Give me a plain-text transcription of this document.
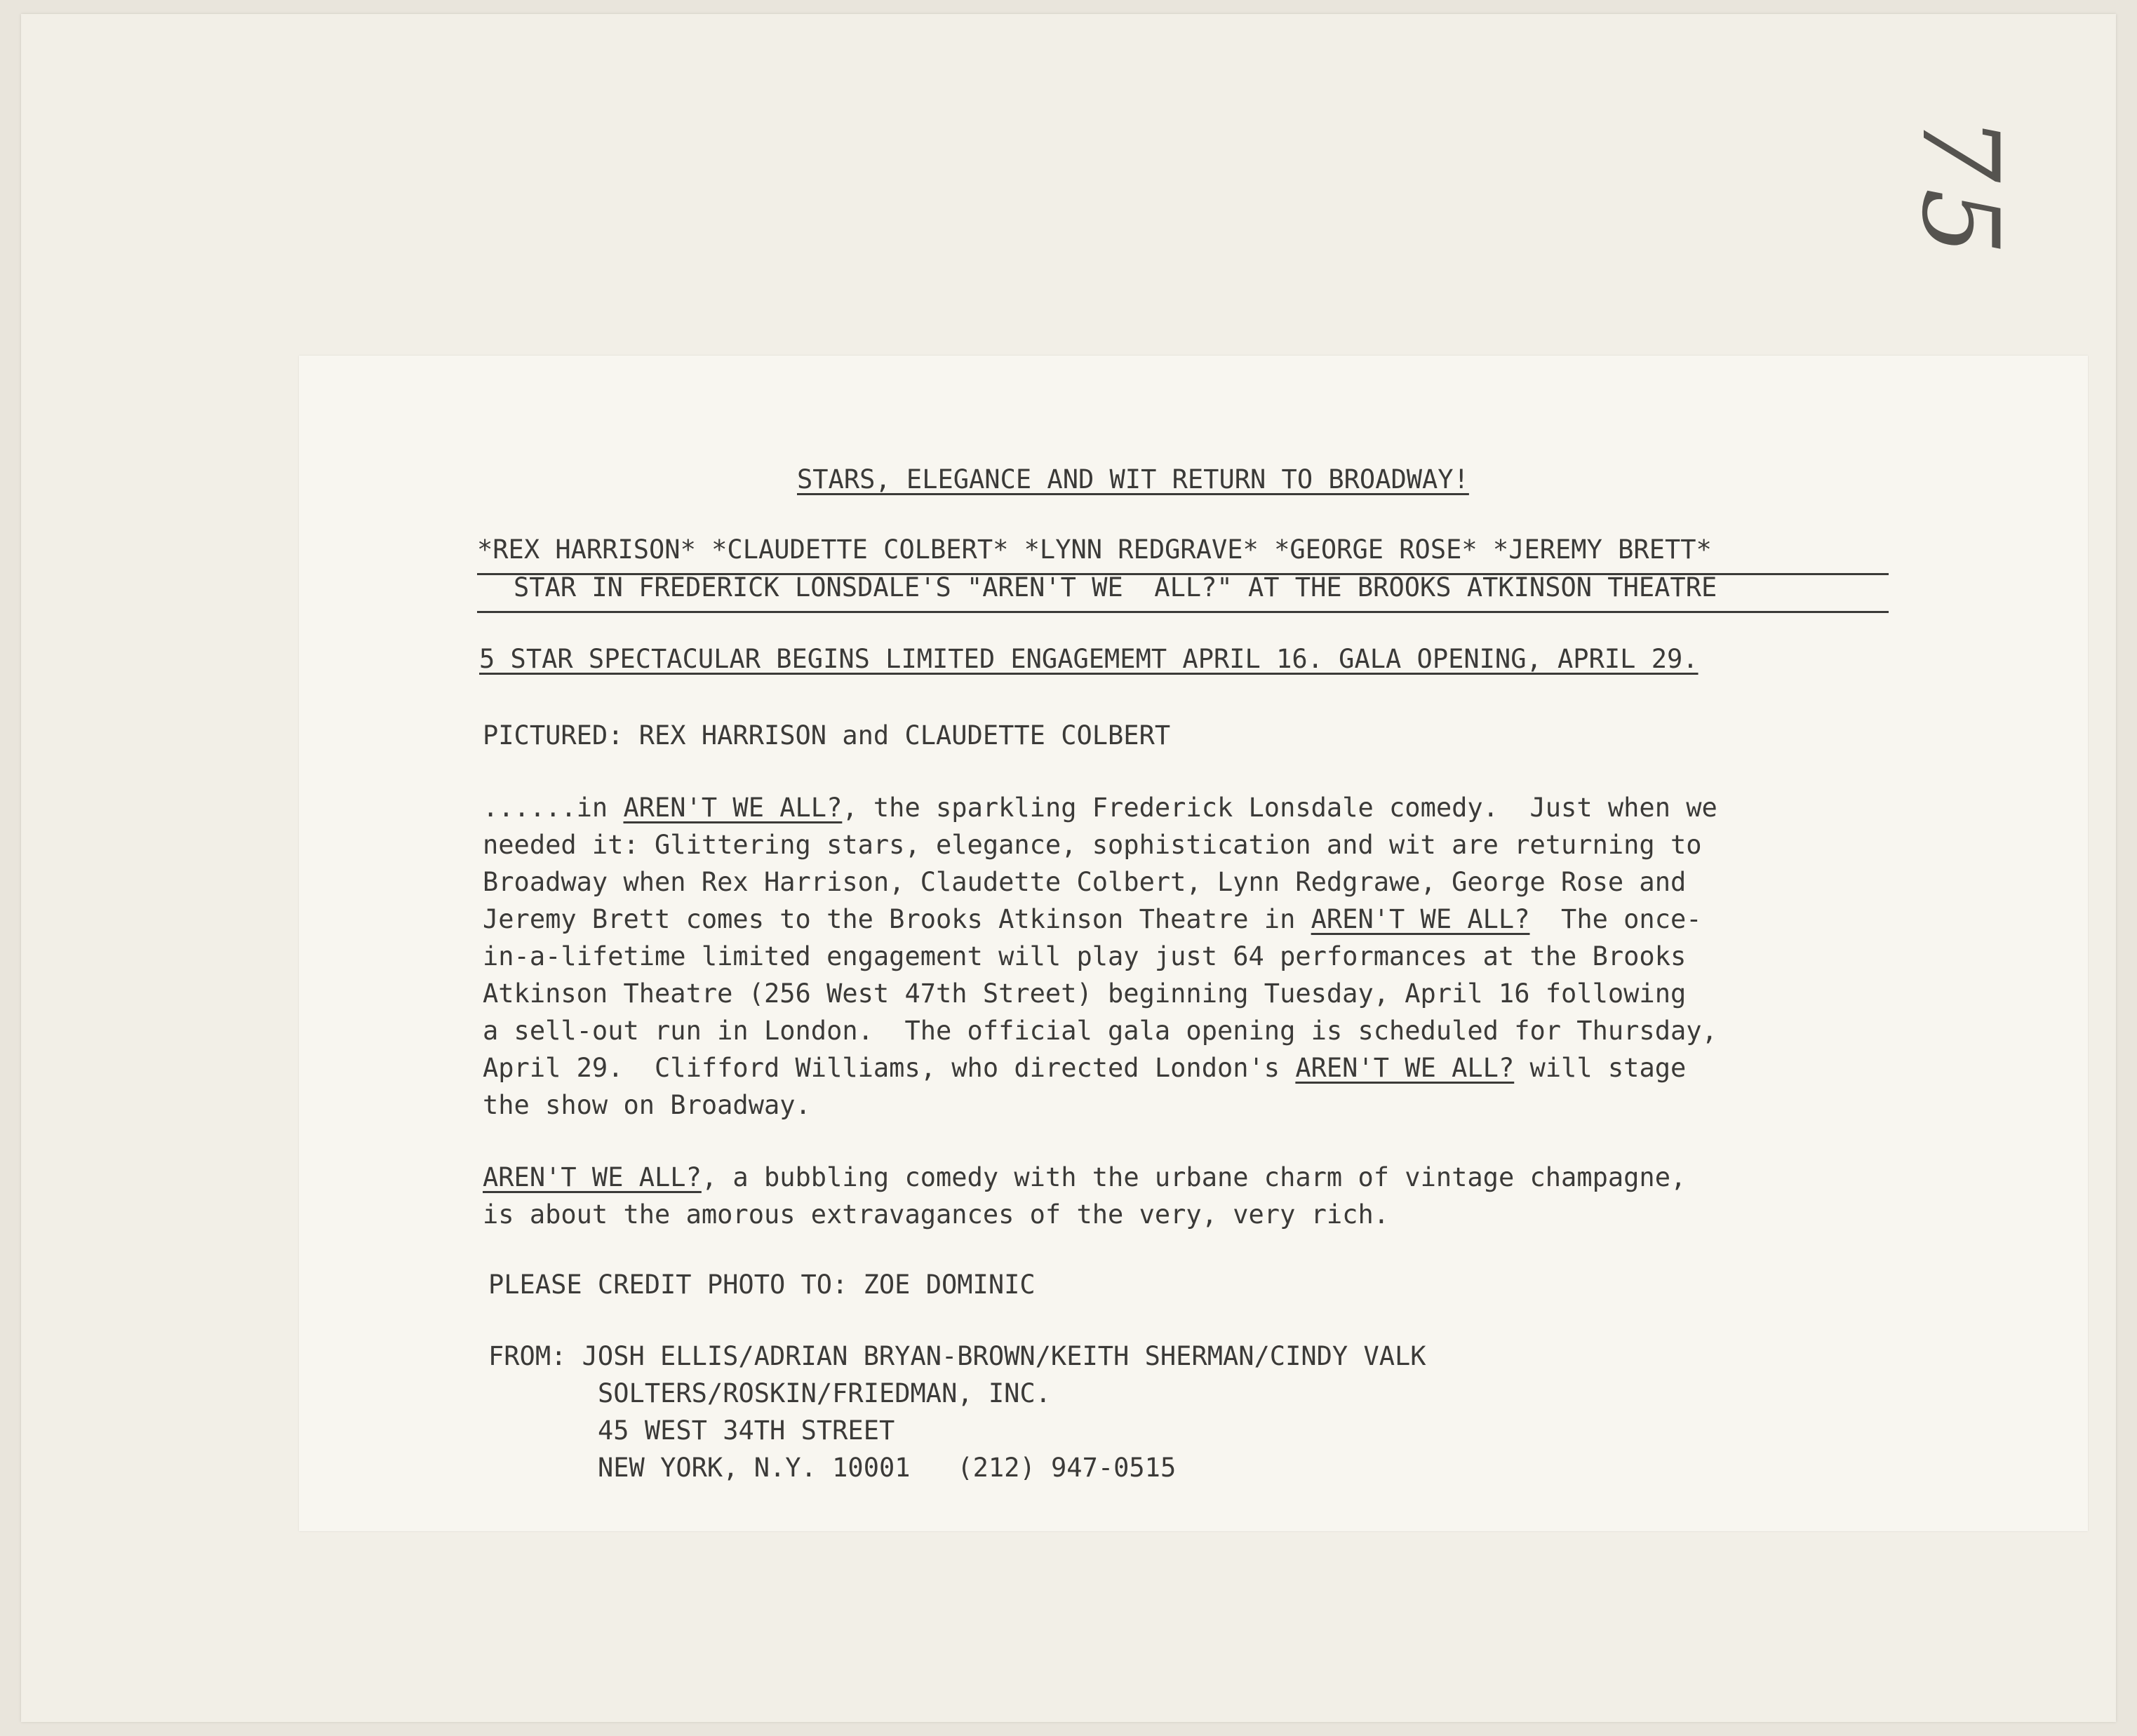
75
STARS, ELEGANCE AND WIT RETURN TO BROADWAY!
*REX HARRISON* *CLAUDETTE COLBERT* *LYNN REDGRAVE* *GEORGE ROSE* *JEREMY BRETT*
STAR IN FREDERICK LONSDALE'S "AREN'T WE  ALL?" AT THE BROOKS ATKINSON THEATRE
5 STAR SPECTACULAR BEGINS LIMITED ENGAGEMEMT APRIL 16. GALA OPENING, APRIL 29.
PICTURED: REX HARRISON and CLAUDETTE COLBERT
......in AREN'T WE ALL?, the sparkling Frederick Lonsdale comedy.  Just when we
needed it: Glittering stars, elegance, sophistication and wit are returning to
Broadway when Rex Harrison, Claudette Colbert, Lynn Redgrawe, George Rose and
Jeremy Brett comes to the Brooks Atkinson Theatre in AREN'T WE ALL?  The once-
in-a-lifetime limited engagement will play just 64 performances at the Brooks
Atkinson Theatre (256 West 47th Street) beginning Tuesday, April 16 following
a sell-out run in London.  The official gala opening is scheduled for Thursday,
April 29.  Clifford Williams, who directed London's AREN'T WE ALL? will stage
the show on Broadway.
AREN'T WE ALL?, a bubbling comedy with the urbane charm of vintage champagne,
is about the amorous extravagances of the very, very rich.
PLEASE CREDIT PHOTO TO: ZOE DOMINIC
FROM: JOSH ELLIS/ADRIAN BRYAN-BROWN/KEITH SHERMAN/CINDY VALK
SOLTERS/ROSKIN/FRIEDMAN, INC.
45 WEST 34TH STREET
NEW YORK, N.Y. 10001 (212) 947-0515
